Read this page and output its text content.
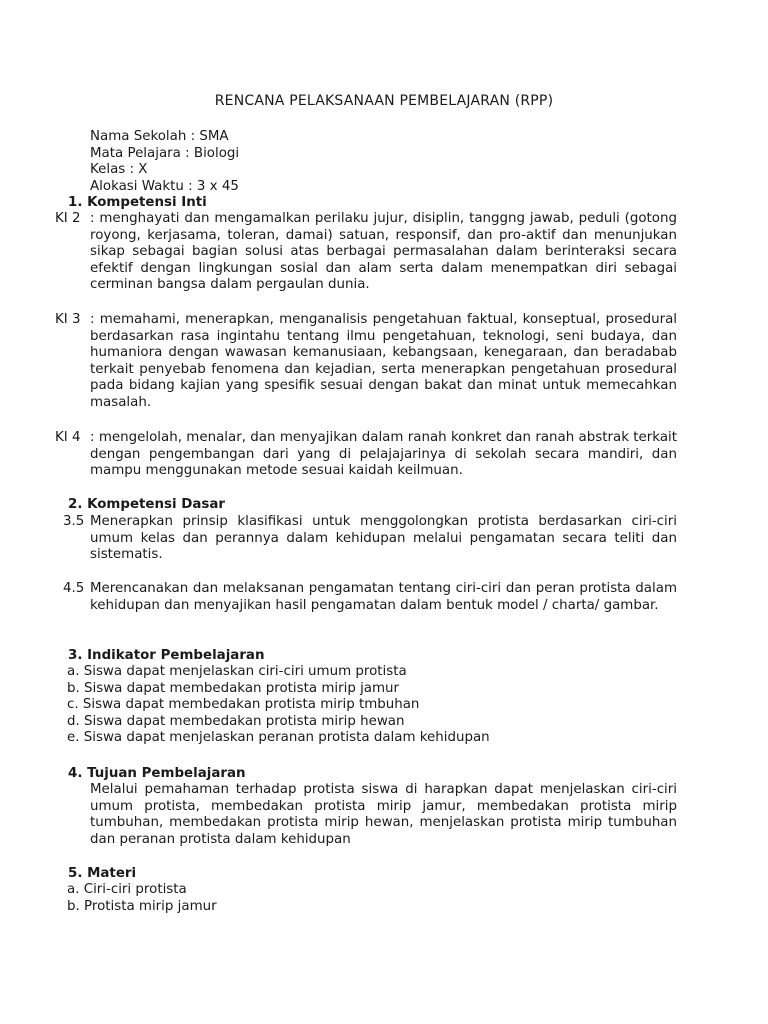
RENCANA PELAKSANAAN PEMBELAJARAN (RPP)
Nama Sekolah : SMA
Mata Pelajara : Biologi
Kelas : X
Alokasi Waktu : 3 x 45
1. Kompetensi Inti
KI 2 : menghayati dan mengamalkan perilaku jujur, disiplin, tanggng jawab, peduli (gotong royong, kerjasama, toleran, damai) satuan, responsif, dan pro-aktif dan menunjukan sikap sebagai bagian solusi atas berbagai permasalahan dalam berinteraksi secara efektif dengan lingkungan sosial dan alam serta dalam menempatkan diri sebagai cerminan bangsa dalam pergaulan dunia.
KI 3 : memahami, menerapkan, menganalisis pengetahuan faktual, konseptual, prosedural berdasarkan rasa ingintahu tentang ilmu pengetahuan, teknologi, seni budaya, dan humaniora dengan wawasan kemanusiaan, kebangsaan, kenegaraan, dan beradabab terkait penyebab fenomena dan kejadian, serta menerapkan pengetahuan prosedural pada bidang kajian yang spesifik sesuai dengan bakat dan minat untuk memecahkan masalah.
KI 4 : mengelolah, menalar, dan menyajikan dalam ranah konkret dan ranah abstrak terkait dengan pengembangan dari yang di pelajajarinya di sekolah secara mandiri, dan mampu menggunakan metode sesuai kaidah keilmuan.
2. Kompetensi Dasar
3.5 Menerapkan prinsip klasifikasi untuk menggolongkan protista berdasarkan ciri-ciri umum kelas dan perannya dalam kehidupan melalui pengamatan secara teliti dan sistematis.
4.5 Merencanakan dan melaksanan pengamatan tentang ciri-ciri dan peran protista dalam kehidupan dan menyajikan hasil pengamatan dalam bentuk model / charta/ gambar.
3. Indikator Pembelajaran
a. Siswa dapat menjelaskan ciri-ciri umum protista
b. Siswa dapat membedakan protista mirip jamur
c. Siswa dapat membedakan protista mirip tmbuhan
d. Siswa dapat membedakan protista mirip hewan
e. Siswa dapat menjelaskan peranan protista dalam kehidupan
4. Tujuan Pembelajaran
Melalui pemahaman terhadap protista siswa di harapkan dapat menjelaskan ciri-ciri umum protista, membedakan protista mirip jamur, membedakan protista mirip tumbuhan, membedakan protista mirip hewan, menjelaskan protista mirip tumbuhan dan peranan protista dalam kehidupan
5. Materi
a. Ciri-ciri protista
b. Protista mirip jamur
